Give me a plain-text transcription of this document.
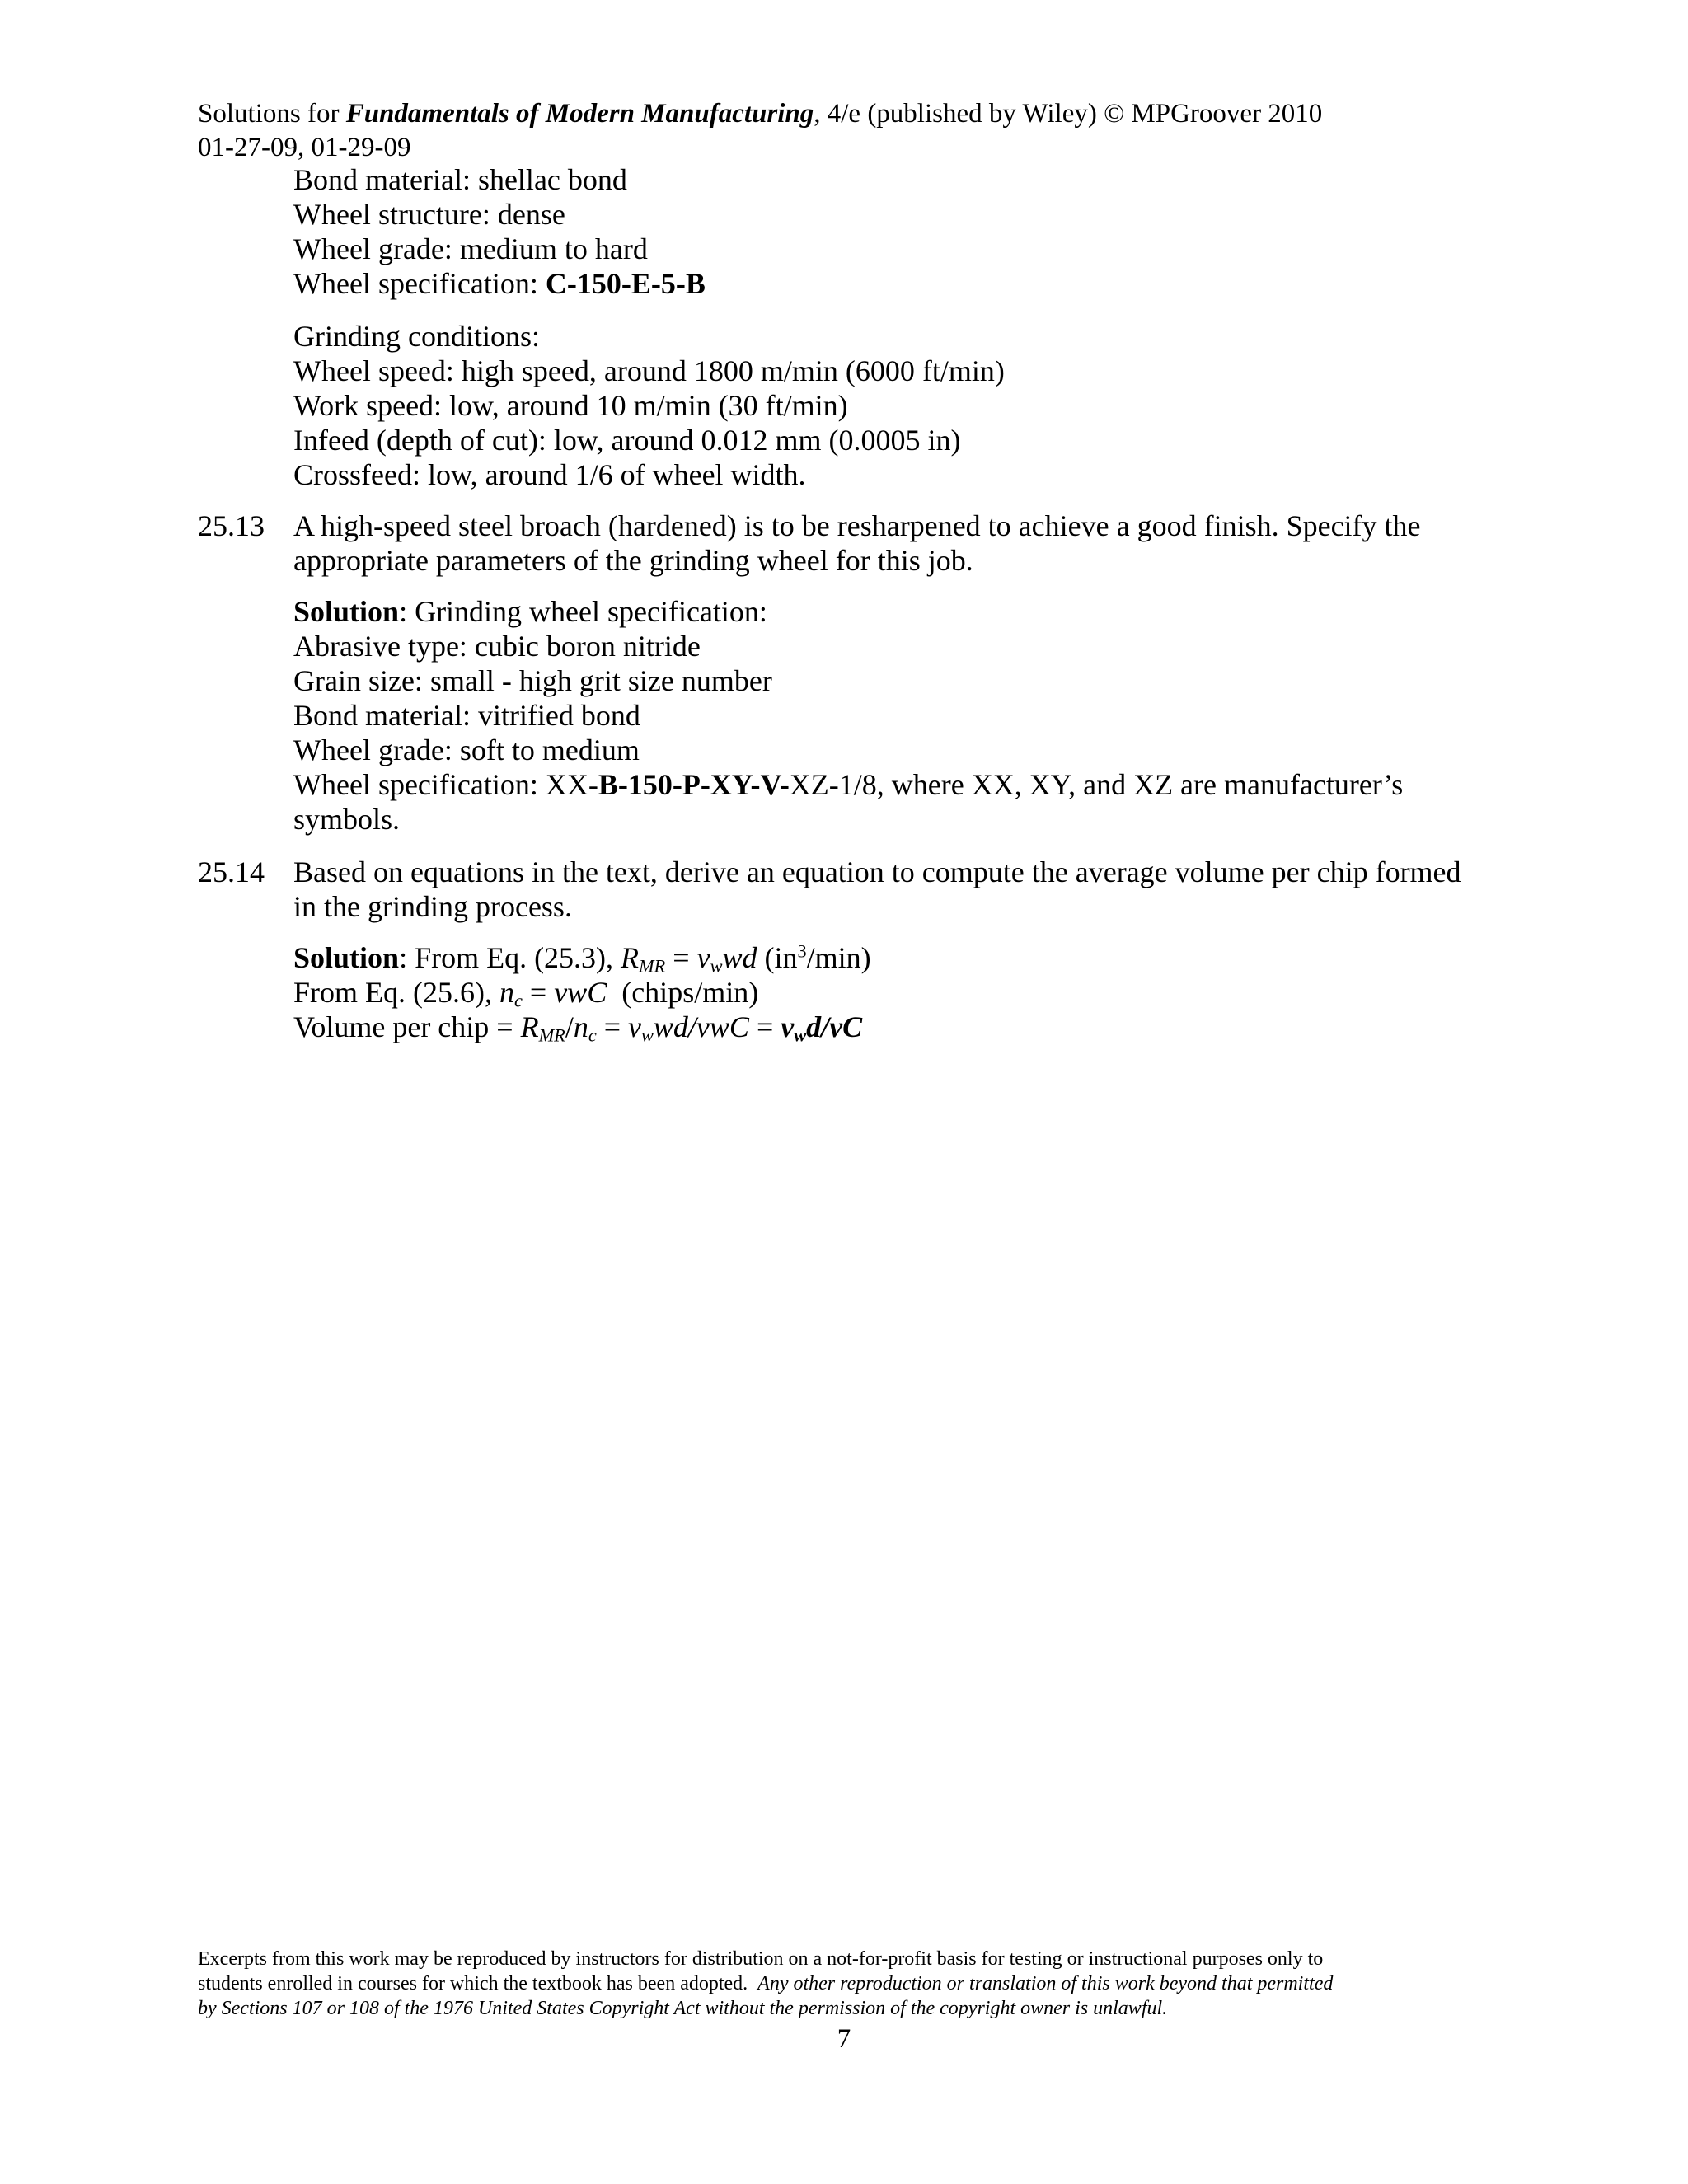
Solutions for Fundamentals of Modern Manufacturing, 4/e (published by Wiley) © MPGroover 2010
01-27-09, 01-29-09
Bond material: shellac bond
Wheel structure: dense
Wheel grade: medium to hard
Wheel specification: C-150-E-5-B
Grinding conditions:
Wheel speed: high speed, around 1800 m/min (6000 ft/min)
Work speed: low, around 10 m/min (30 ft/min)
Infeed (depth of cut): low, around 0.012 mm (0.0005 in)
Crossfeed: low, around 1/6 of wheel width.
25.13 A high-speed steel broach (hardened) is to be resharpened to achieve a good finish. Specify the
appropriate parameters of the grinding wheel for this job.
Solution: Grinding wheel specification:
Abrasive type: cubic boron nitride
Grain size: small - high grit size number
Bond material: vitrified bond
Wheel grade: soft to medium
Wheel specification: XX-B-150-P-XY-V-XZ-1/8, where XX, XY, and XZ are manufacturer’s
symbols.
25.14 Based on equations in the text, derive an equation to compute the average volume per chip formed
in the grinding process.
Solution: From Eq. (25.3), $R_{MR} = v_wwd$ $(in^3/\min)$
From Eq. (25.6), $n_c$ = vwC  (chips/min)
Volume per chip = $R_{MR}/n_c = v_wwd/vwC = v_wd/vC$
Excerpts from this work may be reproduced by instructors for distribution on a not-for-profit basis for testing or instructional purposes only to
students enrolled in courses for which the textbook has been adopted.  Any other reproduction or translation of this work beyond that permitted
by Sections 107 or 108 of the 1976 United States Copyright Act without the permission of the copyright owner is unlawful.
7
